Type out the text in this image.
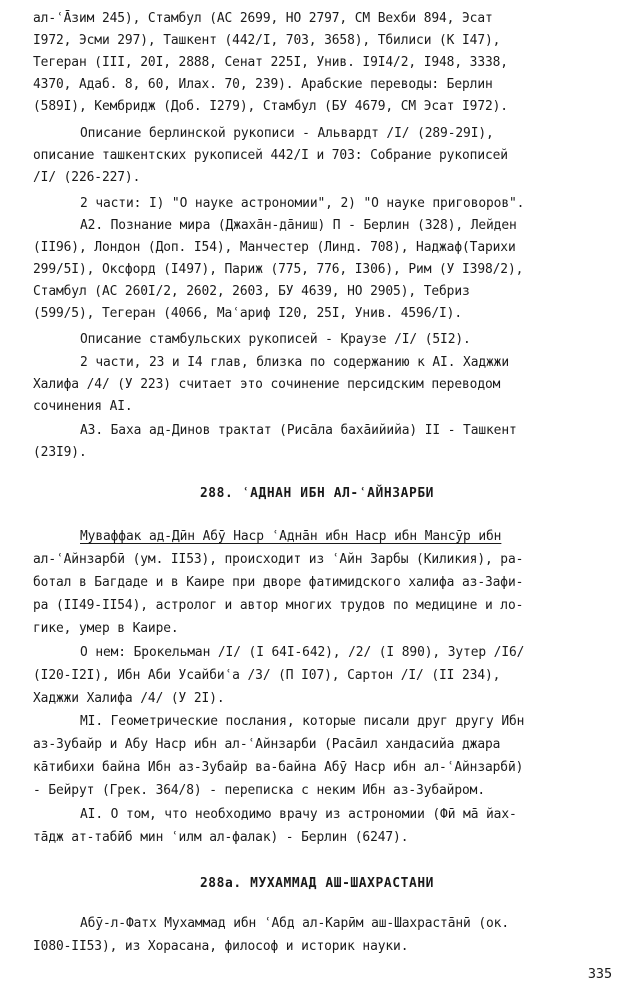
ал-ʿĀзим 245), Стамбул (АС 2699, НО 2797, СМ Вехби 894, Эсат
I972, Эсми 297), Ташкент (442/I, 703, 3658), Тбилиси (К I47),
Тегеран (III, 20I, 2888, Сенат 225I, Унив. I9I4/2, I948, 3338,
4370, Адаб. 8, 60, Илах. 70, 239). Арабские переводы: Берлин
(589I), Кембридж (Доб. I279), Стамбул (БУ 4679, СМ Эсат I972).
Описание берлинской рукописи - Альвардт /I/ (289-29I),
описание ташкентских рукописей 442/I и 703: Собрание рукописей
/I/ (226-227).
2 части: I) "О науке астрономии", 2) "О науке приговоров".
А2. Познание мира (Джахāн-дāниш) П - Берлин (328), Лейден
(II96), Лондон (Доп. I54), Манчестер (Линд. 708), Наджаф(Тарихи
299/5I), Оксфорд (I497), Париж (775, 776, I306), Рим (У I398/2),
Стамбул (АС 260I/2, 2602, 2603, БУ 4639, НО 2905), Тебриз
(599/5), Тегеран (4066, Маʿариф I20, 25I, Унив. 4596/I).
Описание стамбульских рукописей - Краузе /I/ (5I2).
2 части, 23 и I4 глав, близка по содержанию к АI. Хаджжи
Халифа /4/ (У 223) считает это сочинение персидским переводом
сочинения АI.
А3. Баха ад-Динов трактат (Рисāла бахāийийа) II - Ташкент
(23I9).
288. ʿАДНАН ИБН АЛ-ʿАЙНЗАРБИ
Муваффак ад-Дӣн Абӯ Наср ʿАднāн ибн Наср ибн Мансӯр ибн
ал-ʿАйнзарбӣ (ум. II53), происходит из ʿАйн Зарбы (Киликия), ра-
ботал в Багдаде и в Каире при дворе фатимидского халифа аз-Зафи-
ра (II49-II54), астролог и автор многих трудов по медицине и ло-
гике, умер в Каире.
О нем: Брокельман /I/ (I 64I-642), /2/ (I 890), Зутер /I6/
(I20-I2I), Ибн Аби Усайбиʿа /3/ (П I07), Сартон /I/ (II 234),
Хаджжи Халифа /4/ (У 2I).
МI. Геометрические послания, которые писали друг другу Ибн
аз-Зубайр и Абу Наср ибн ал-ʿАйнзарби (Расāил хандасийа джара
кāтибихи байна Ибн аз-Зубайр ва-байна Абӯ Наср ибн ал-ʿАйнзарбӣ)
- Бейрут (Грек. 364/8) - переписка с неким Ибн аз-Зубайром.
АI. О том, что необходимо врачу из астрономии (Фӣ мā йах-
тāдж ат-табӣб мин ʿилм ал-фалак) - Берлин (6247).
288а. МУХАММАД АШ-ШАХРАСТАНИ
Абӯ-л-Фатх Мухаммад ибн ʿАбд ал-Карӣм аш-Шахрастāнӣ (ок.
I080-II53), из Хорасана, философ и историк науки.
335
